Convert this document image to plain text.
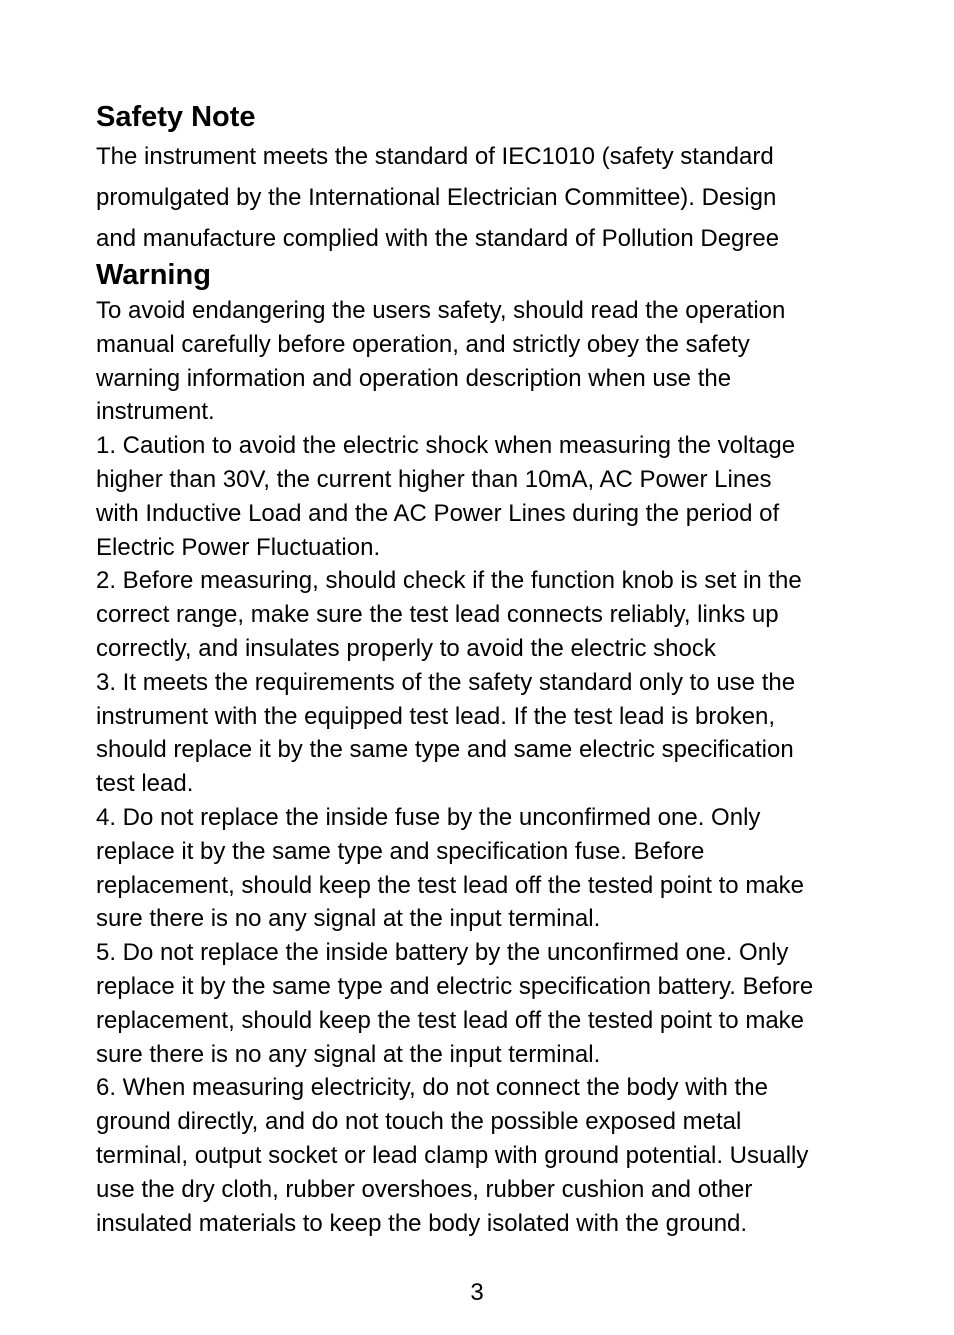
Safety Note

The instrument meets the standard of IEC1010 (safety standard
promulgated by the International Electrician Committee). Design
and manufacture complied with the standard of Pollution Degree

Warning

To avoid endangering the users safety, should read the operation
manual carefully before operation, and strictly obey the safety
warning information and operation description when use the
instrument.
1. Caution to avoid the electric shock when measuring the voltage
higher than 30V, the current higher than 10mA, AC Power Lines
with Inductive Load and the AC Power Lines during the period of
Electric Power Fluctuation.
2. Before measuring, should check if the function knob is set in the
correct range, make sure the test lead connects reliably, links up
correctly, and insulates properly to avoid the electric shock
3. It meets the requirements of the safety standard only to use the
instrument with the equipped test lead. If the test lead is broken,
should replace it by the same type and same electric specification
test lead.
4. Do not replace the inside fuse by the unconfirmed one. Only
replace it by the same type and specification fuse. Before
replacement, should keep the test lead off the tested point to make
sure there is no any signal at the input terminal.
5. Do not replace the inside battery by the unconfirmed one. Only
replace it by the same type and electric specification battery. Before
replacement, should keep the test lead off the tested point to make
sure there is no any signal at the input terminal.
6. When measuring electricity, do not connect the body with the
ground directly, and do not touch the possible exposed metal
terminal, output socket or lead clamp with ground potential. Usually
use the dry cloth, rubber overshoes, rubber cushion and other
insulated materials to keep the body isolated with the ground.

3
